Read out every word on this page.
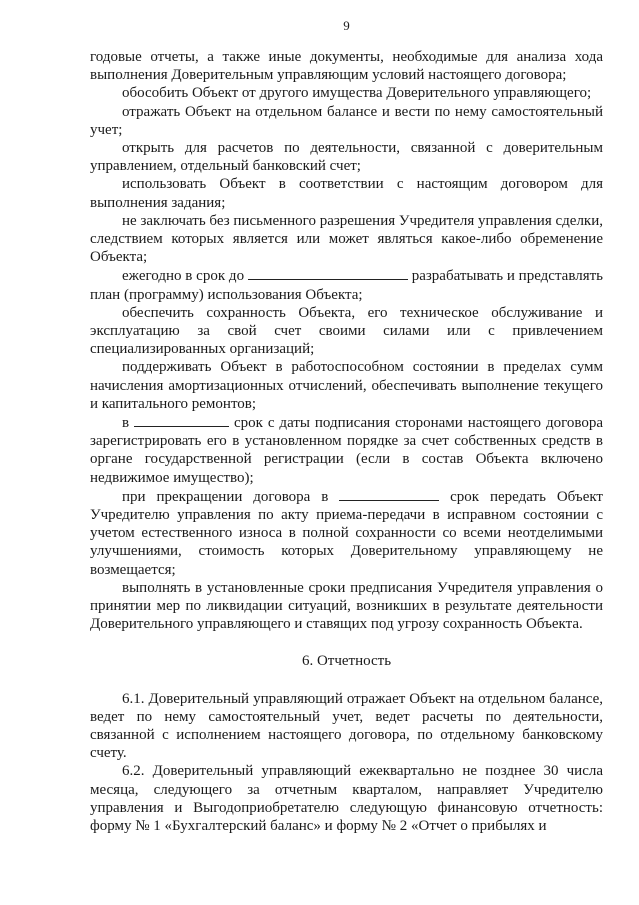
9

годовые отчеты, а также иные документы, необходимые для анализа хода выполнения Доверительным управляющим условий настоящего договора;

обособить Объект от другого имущества Доверительного управляющего;

отражать Объект на отдельном балансе и вести по нему самостоятельный учет;

открыть для расчетов по деятельности, связанной с доверительным управлением, отдельный банковский счет;

использовать Объект в соответствии с настоящим договором для выполнения задания;

не заключать без письменного разрешения Учредителя управления сделки, следствием которых является или может являться какое-либо обременение Объекта;

ежегодно в срок до	разрабатывать и представлять план (программу) использования Объекта;

обеспечить сохранность Объекта, его техническое обслуживание и эксплуатацию за свой счет своими силами или с привлечением специализированных организаций;

поддерживать Объект в работоспособном состоянии в пределах сумм начисления амортизационных отчислений, обеспечивать выполнение текущего и капитального ремонтов;

в	срок с даты подписания сторонами настоящего договора зарегистрировать его в установленном порядке за счет собственных средств в органе государственной регистрации (если в состав Объекта включено недвижимое имущество);

при прекращении договора в	срок передать Объект Учредителю управления по акту приема-передачи в исправном состоянии с учетом естественного износа в полной сохранности со всеми неотделимыми улучшениями, стоимость которых Доверительному управляющему не возмещается;

выполнять в установленные сроки предписания Учредителя управления о принятии мер по ликвидации ситуаций, возникших в результате деятельности Доверительного управляющего и ставящих под угрозу сохранность Объекта.

6. Отчетность

6.1. Доверительный управляющий отражает Объект на отдельном балансе, ведет по нему самостоятельный учет, ведет расчеты по деятельности, связанной с исполнением настоящего договора, по отдельному банковскому счету.

6.2. Доверительный управляющий ежеквартально не позднее 30 числа месяца, следующего за отчетным кварталом, направляет Учредителю управления и Выгодоприобретателю следующую финансовую отчетность: форму № 1 «Бухгалтерский баланс» и форму № 2 «Отчет о прибылях и
